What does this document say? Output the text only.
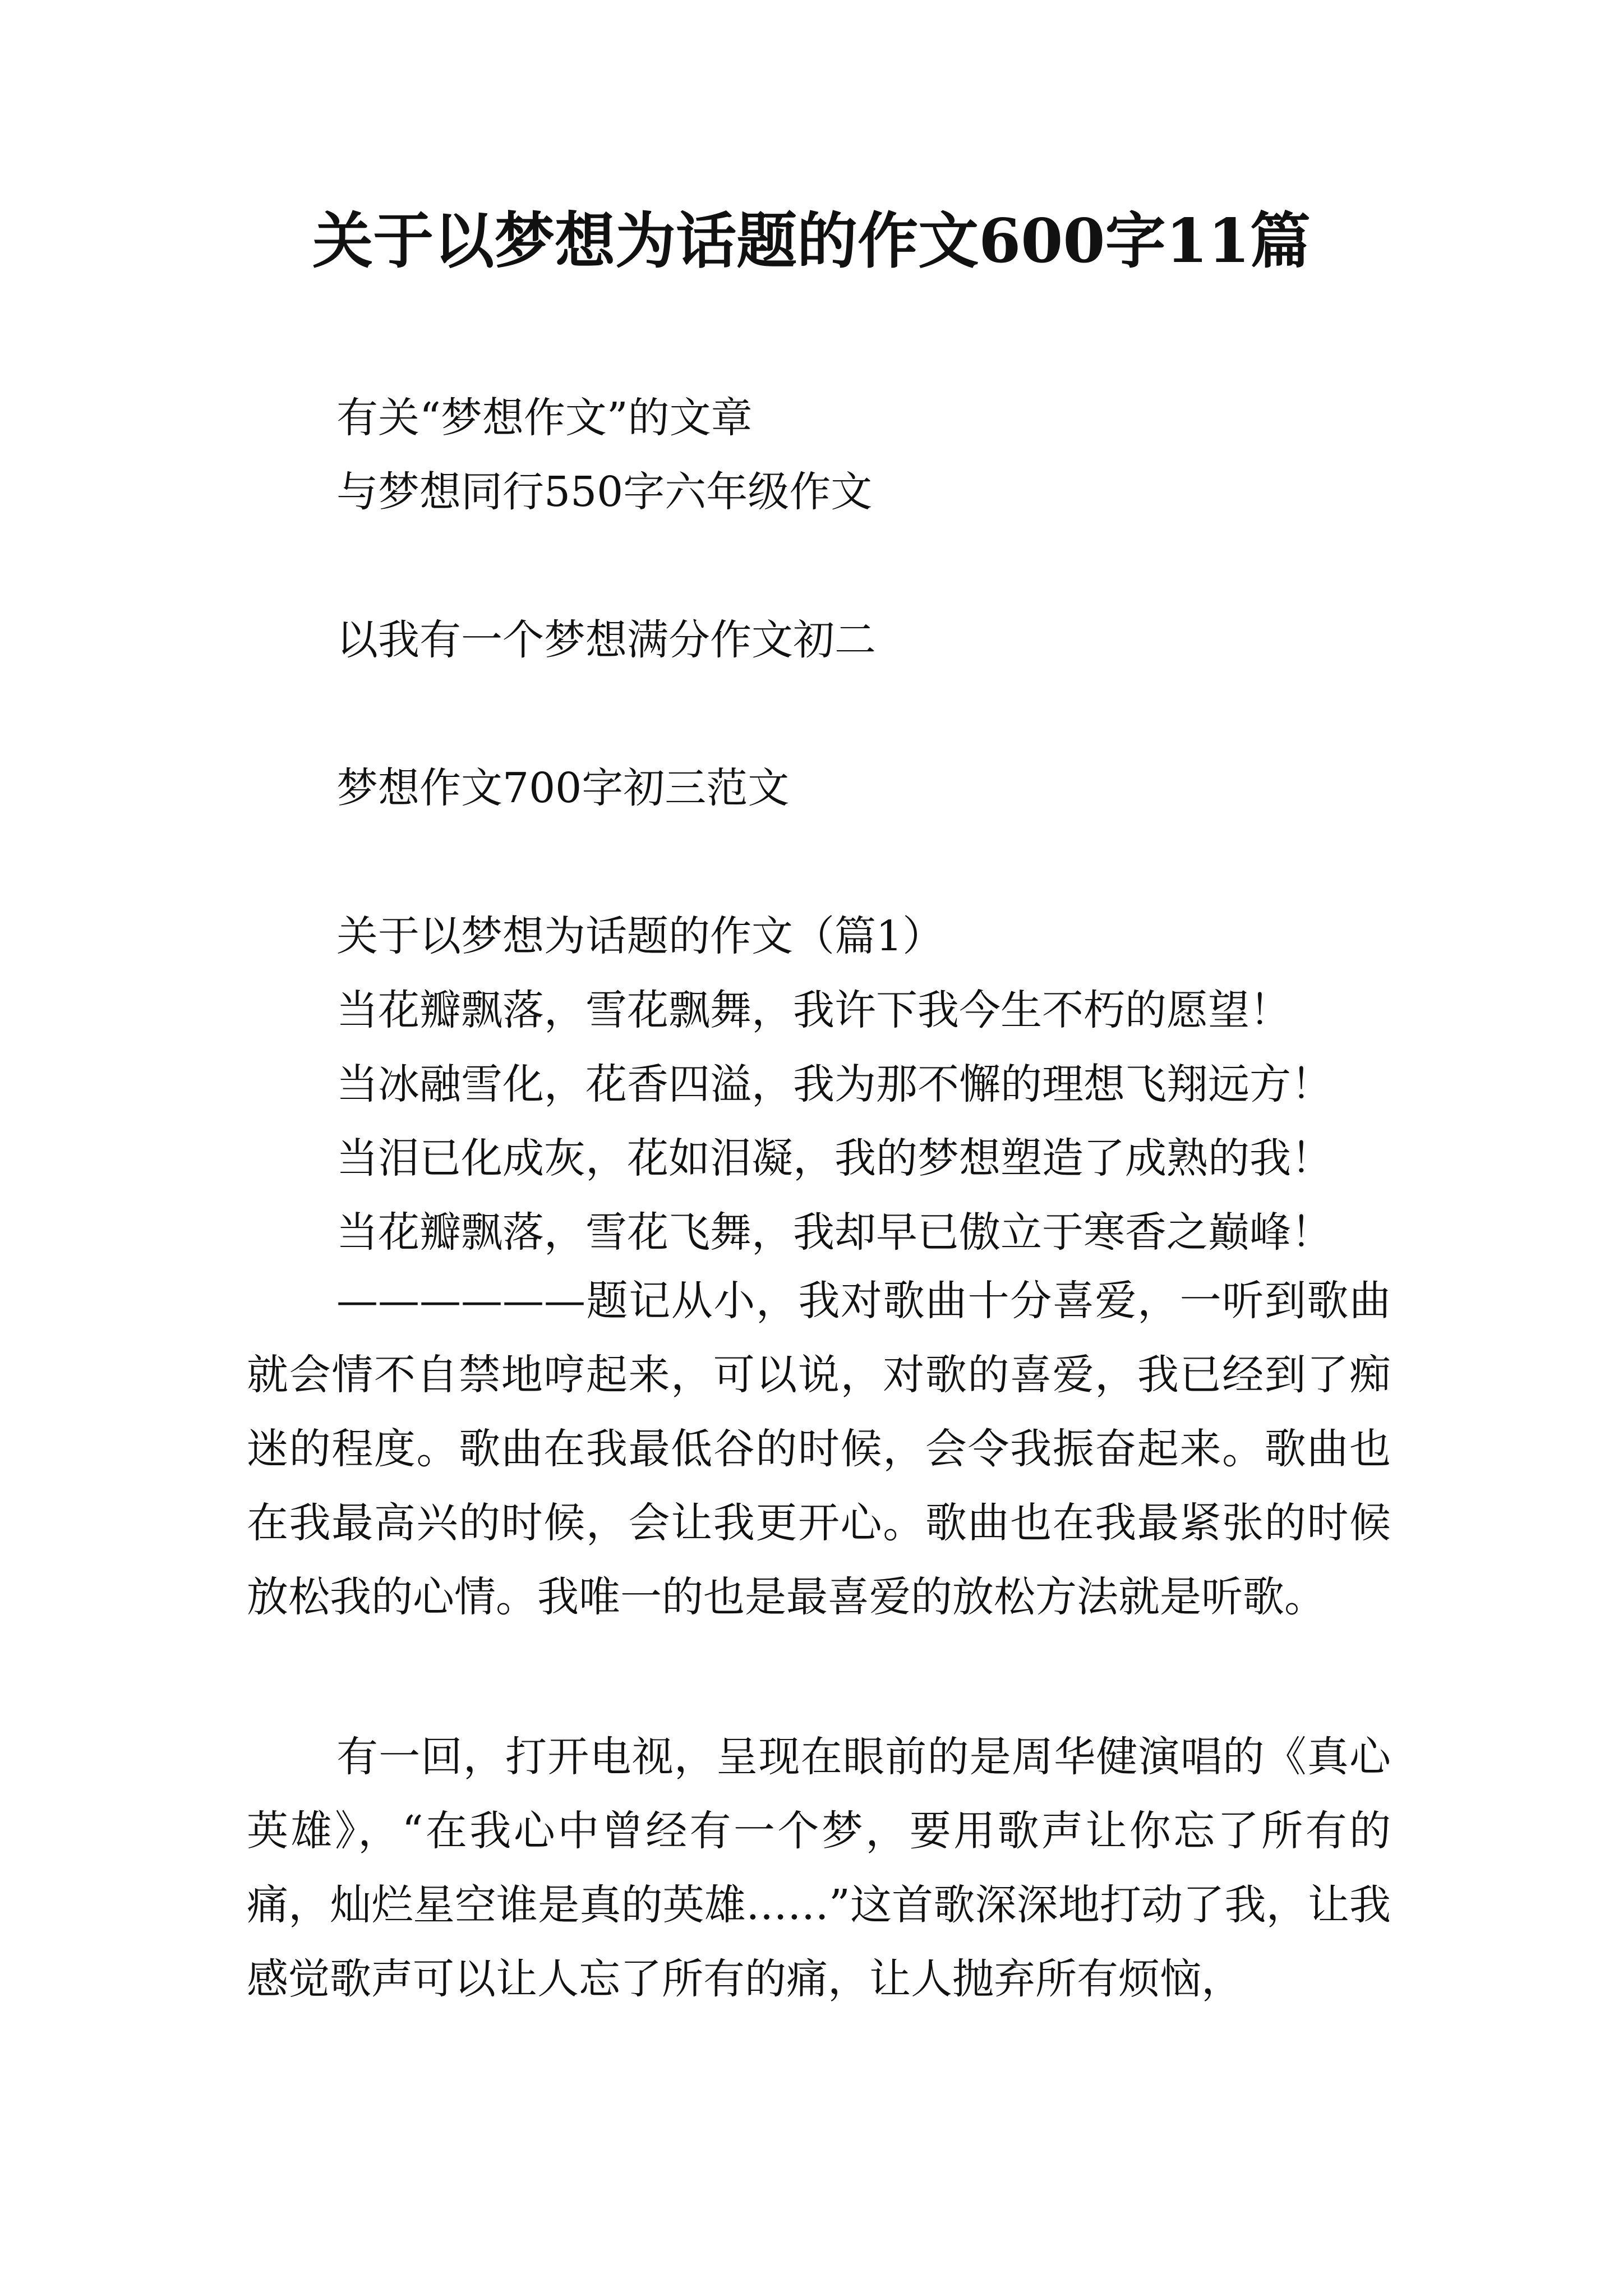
关于以梦想为话题的作文600字11篇
有关“梦想作文”的文章
与梦想同行550字六年级作文
以我有一个梦想满分作文初二
梦想作文700字初三范文
关于以梦想为话题的作文（篇1）
当花瓣飘落，雪花飘舞，我许下我今生不朽的愿望！
当冰融雪化，花香四溢，我为那不懈的理想飞翔远方！
当泪已化成灰，花如泪凝，我的梦想塑造了成熟的我！
当花瓣飘落，雪花飞舞，我却早已傲立于寒香之巅峰！

——————题记从小，我对歌曲十分喜爱，一听到歌曲就会情不自禁地哼起来，可以说，对歌的喜爱，我已经到了痴迷的程度。歌曲在我最低谷的时候，会令我振奋起来。歌曲也在我最高兴的时候，会让我更开心。歌曲也在我最紧张的时候放松我的心情。我唯一的也是最喜爱的放松方法就是听歌。

有一回，打开电视，呈现在眼前的是周华健演唱的《真心英雄》，“在我心中曾经有一个梦，要用歌声让你忘了所有的痛，灿烂星空谁是真的英雄……”这首歌深深地打动了我，让我感觉歌声可以让人忘了所有的痛，让人抛弃所有烦恼，
